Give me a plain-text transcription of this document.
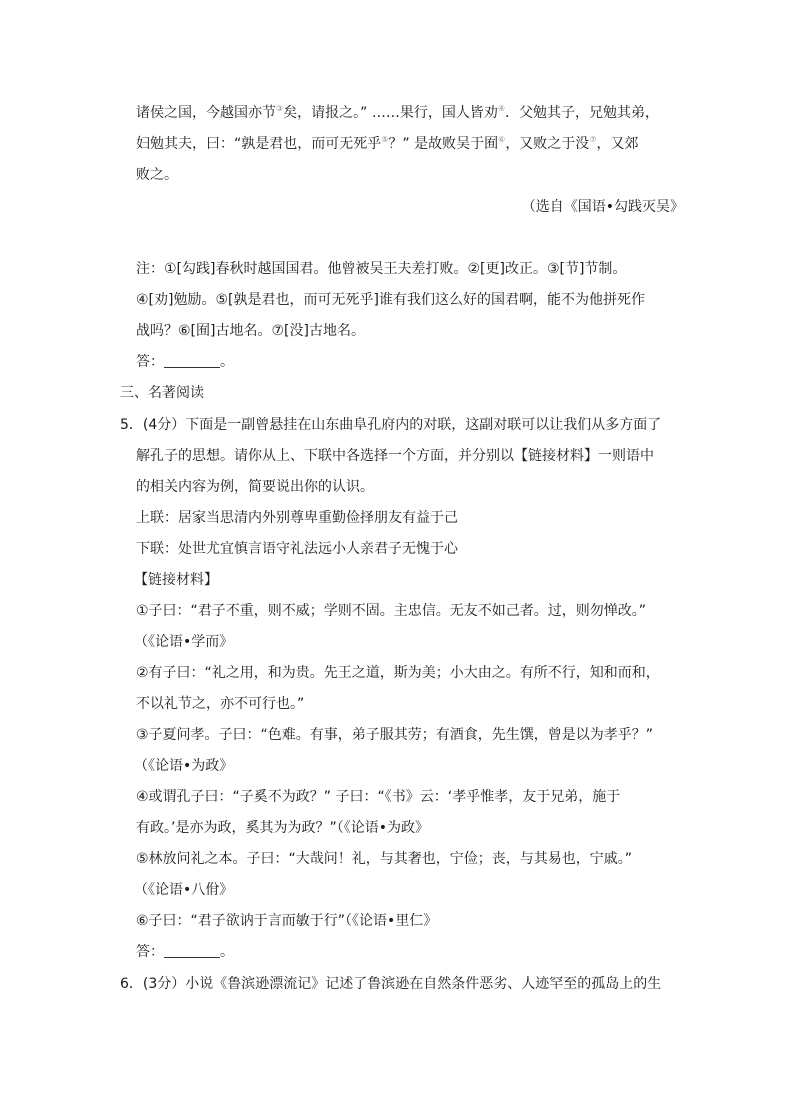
诸侯之国，今越国亦节③矣，请报之。” ……果行，国人皆劝④．父勉其子，兄勉其弟，
妇勉其夫，曰：“孰是君也，而可无死乎⑤？” 是故败吴于囿⑥，又败之于没⑦，又郊
败之。
（选自《国语•勾践灭吴》
注：①[勾践]春秋时越国国君。他曾被吴王夫差打败。②[更]改正。③[节]节制。
④[劝]勉励。⑤[孰是君也，而可无死乎]谁有我们这么好的国君啊，能不为他拼死作
战吗？⑥[囿]古地名。⑦[没]古地名。
答：	。
三、名著阅读
5．(4分）下面是一副曾悬挂在山东曲阜孔府内的对联，这副对联可以让我们从多方面了
解孔子的思想。请你从上、下联中各选择一个方面，并分别以【链接材料】一则语中
的相关内容为例，简要说出你的认识。
上联：居家当思清内外别尊卑重勤俭择朋友有益于己
下联：处世尤宜慎言语守礼法远小人亲君子无愧于心
【链接材料】
①子曰：“君子不重，则不威；学则不固。主忠信。无友不如己者。过，则勿惮改。”
（《论语•学而》
②有子曰：“礼之用，和为贵。先王之道，斯为美；小大由之。有所不行，知和而和，
不以礼节之，亦不可行也。”
③子夏问孝。子曰：“色难。有事，弟子服其劳；有酒食，先生馔，曾是以为孝乎？”
（《论语•为政》
④或谓孔子曰：“子奚不为政？” 子曰：“《书》云：‘孝乎惟孝，友于兄弟，施于
有政。’是亦为政，奚其为为政？”（《论语•为政》
⑤林放问礼之本。子曰：“大哉问！礼，与其奢也，宁俭；丧，与其易也，宁戚。”
（《论语•八佾》
⑥子曰：“君子欲讷于言而敏于行”（《论语•里仁》
答：	。
6．(3分）小说《鲁滨逊漂流记》记述了鲁滨逊在自然条件恶劣、人迹罕至的孤岛上的生
